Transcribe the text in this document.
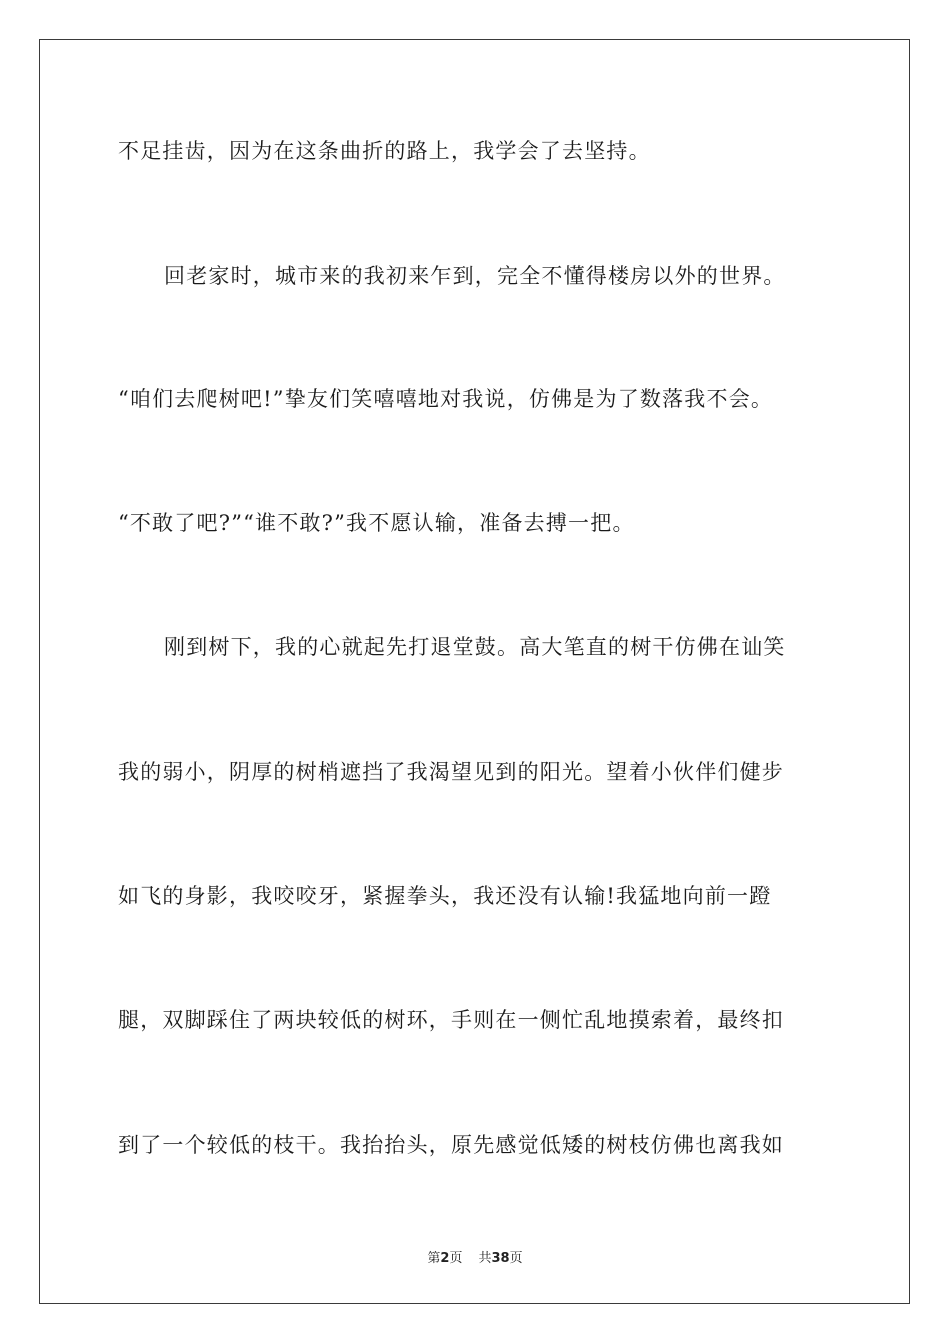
不足挂齿，因为在这条曲折的路上，我学会了去坚持。
回老家时，城市来的我初来乍到，完全不懂得楼房以外的世界。
“咱们去爬树吧!”挚友们笑嘻嘻地对我说，仿佛是为了数落我不会。
“不敢了吧?”“谁不敢?”我不愿认输，准备去搏一把。
刚到树下，我的心就起先打退堂鼓。高大笔直的树干仿佛在讪笑
我的弱小，阴厚的树梢遮挡了我渴望见到的阳光。望着小伙伴们健步
如飞的身影，我咬咬牙，紧握拳头，我还没有认输!我猛地向前一蹬
腿，双脚踩住了两块较低的树环，手则在一侧忙乱地摸索着，最终扣
到了一个较低的枝干。我抬抬头，原先感觉低矮的树枝仿佛也离我如
第2页 共38页
